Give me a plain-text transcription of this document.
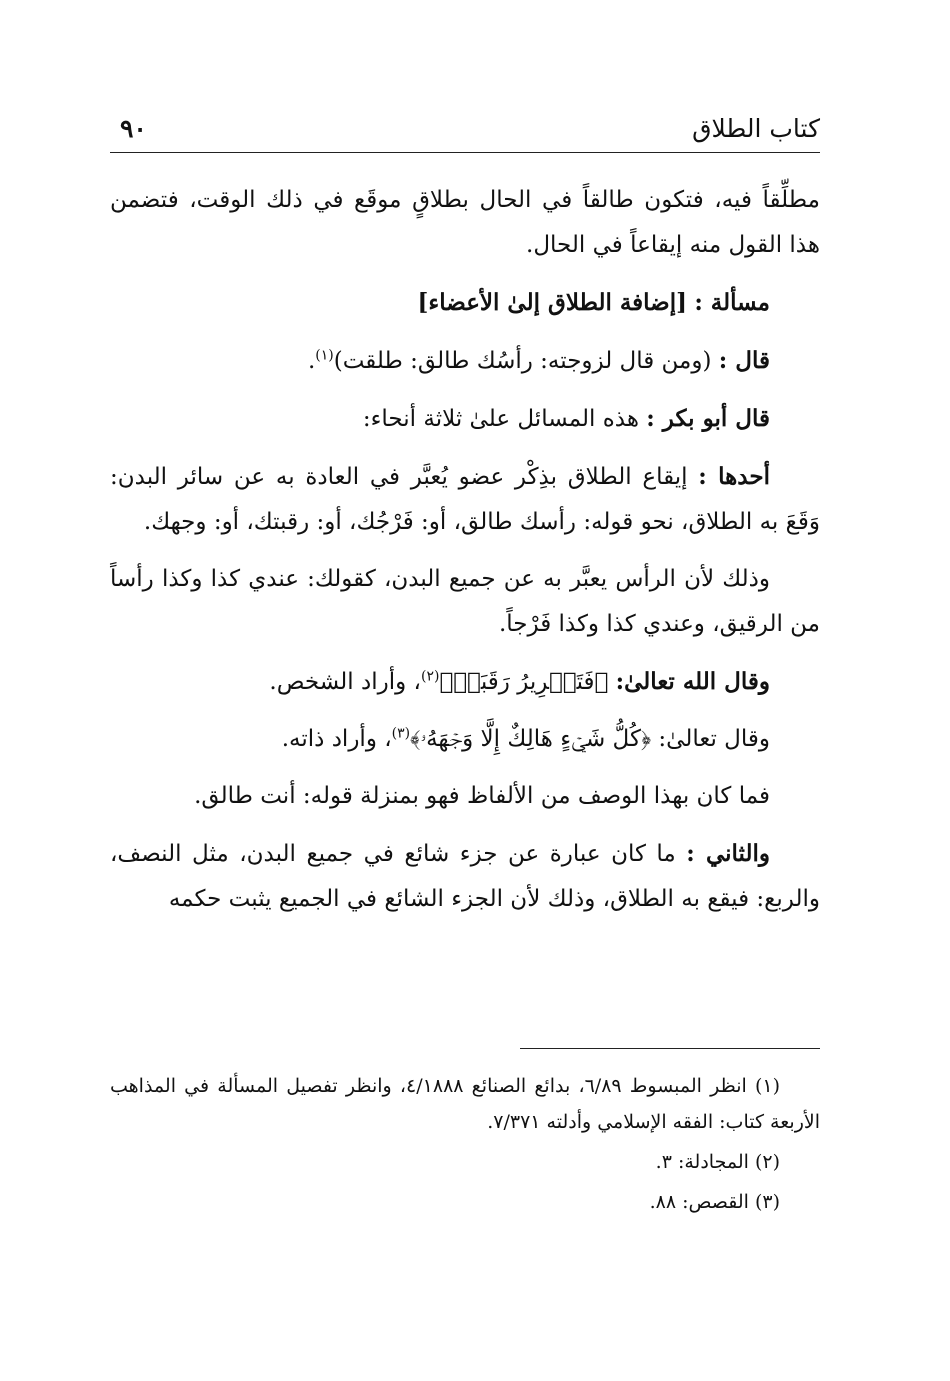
كتاب الطلاق
٩٠

مطلِّقاً فيه، فتكون طالقاً في الحال بطلاقٍ موقَع في ذلك الوقت، فتضمن هذا القول منه إيقاعاً في الحال.

مسألة : [إضافة الطلاق إلىٰ الأعضاء]

قال : (ومن قال لزوجته: رأسُك طالق: طلقت)$^{(١)}$.

قال أبو بكر : هذه المسائل علىٰ ثلاثة أنحاء:

أحدها : إيقاع الطلاق بذِكْر عضو يُعبَّر في العادة به عن سائر البدن: وَقَعَ به الطلاق، نحو قوله: رأسك طالق، أو: فَرْجُك، أو: رقبتك، أو: وجهك.

وذلك لأن الرأس يعبَّر به عن جميع البدن، كقولك: عندي كذا وكذا رأساً من الرقيق، وعندي كذا وكذا فَرْجاً.

وقال الله تعالىٰ: ﴿فَتَحۡرِيرُ رَقَبَةٖ﴾$^{(٢)}$، وأراد الشخص.

وقال تعالىٰ: ﴿كُلُّ شَيۡءٍ هَالِكٌ إِلَّا وَجۡهَهُۥ﴾$^{(٣)}$، وأراد ذاته.

فما كان بهذا الوصف من الألفاظ فهو بمنزلة قوله: أنت طالق.

والثاني : ما كان عبارة عن جزء شائع في جميع البدن، مثل النصف، والربع: فيقع به الطلاق، وذلك لأن الجزء الشائع في الجميع يثبت حكمه

(١) انظر المبسوط ٦/٨٩، بدائع الصنائع ٤/١٨٨٨، وانظر تفصيل المسألة في المذاهب الأربعة كتاب: الفقه الإسلامي وأدلته ٧/٣٧١.

(٢) المجادلة: ٣.

(٣) القصص: ٨٨.
